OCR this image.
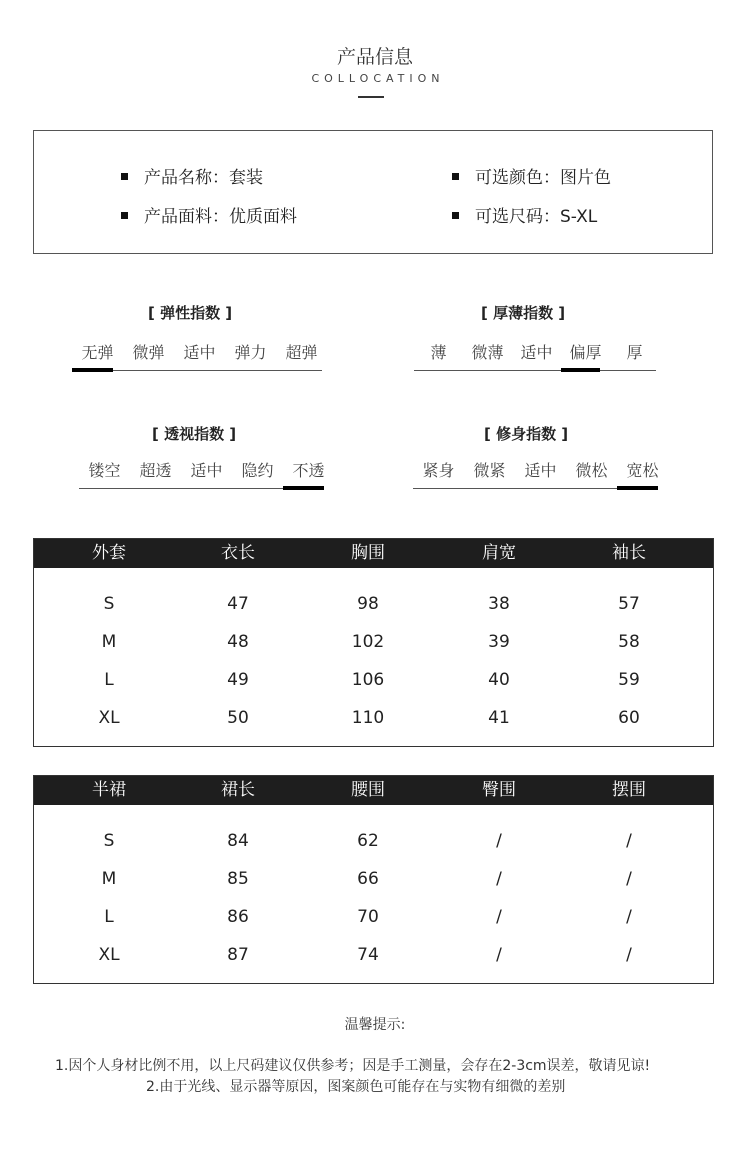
产品信息
COLLOCATION
产品名称：套装	可选颜色：图片色
产品面料：优质面料	可选尺码：S-XL
[ 弹性指数 ]
无弹	微弹	适中	弹力	超弹
[ 厚薄指数 ]
薄	微薄	适中	偏厚	厚
[ 透视指数 ]
镂空	超透	适中	隐约	不透
[ 修身指数 ]
紧身	微紧	适中	微松	宽松
外套	衣长	胸围	肩宽	袖长
S	47	98	38	57
M	48	102	39	58
L	49	106	40	59
XL	50	110	41	60
半裙	裙长	腰围	臀围	摆围
S	84	62	/	/
M	85	66	/	/
L	86	70	/	/
XL	87	74	/	/
温馨提示:
1.因个人身材比例不用，以上尺码建议仅供参考；因是手工测量，会存在2-3cm误差，敬请见谅!
2.由于光线、显示器等原因，图案颜色可能存在与实物有细微的差别
